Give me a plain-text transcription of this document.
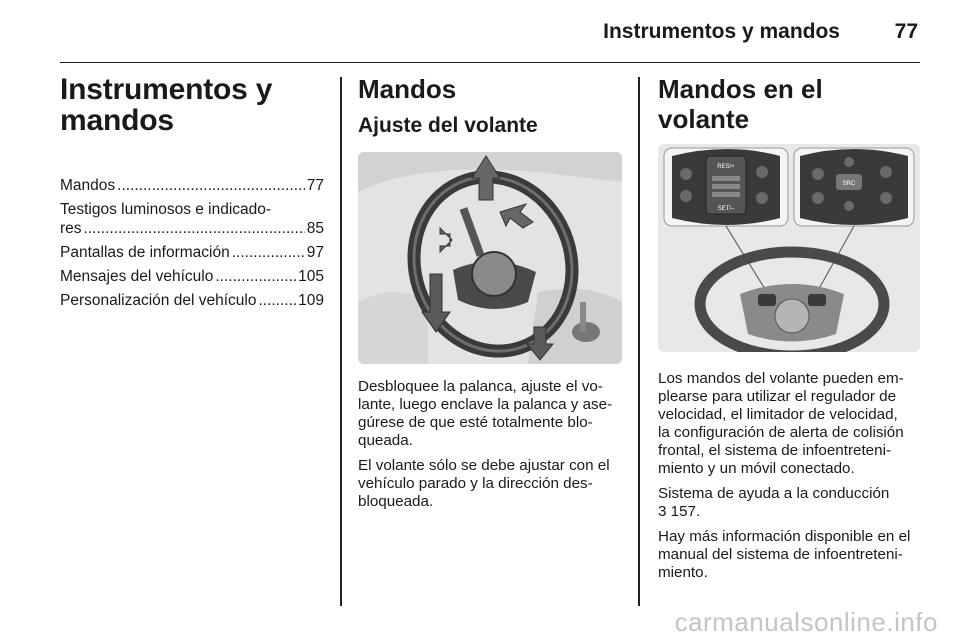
Instrumentos y mandos	77
Instrumentos y
mandos
Mandos .....	77
Testigos luminosos e indicado-
res .....	85
Pantallas de información .....	97
Mensajes del vehículo .....	105
Personalización del vehículo .....	109
Mandos
Ajuste del volante

Desbloquee la palanca, ajuste el vo-
lante, luego enclave la palanca y ase-
gúrese de que esté totalmente blo-
queada.

El volante sólo se debe ajustar con el
vehículo parado y la dirección des-
bloqueada.

Mandos en el volante
RES/+
SET/–
SRC

Los mandos del volante pueden em-
plearse para utilizar el regulador de
velocidad, el limitador de velocidad,
la configuración de alerta de colisión
frontal, el sistema de infoentreteni-
miento y un móvil conectado.

Sistema de ayuda a la conducción
3 157.

Hay más información disponible en el
manual del sistema de infoentreteni-
miento.

carmanualsonline.info
